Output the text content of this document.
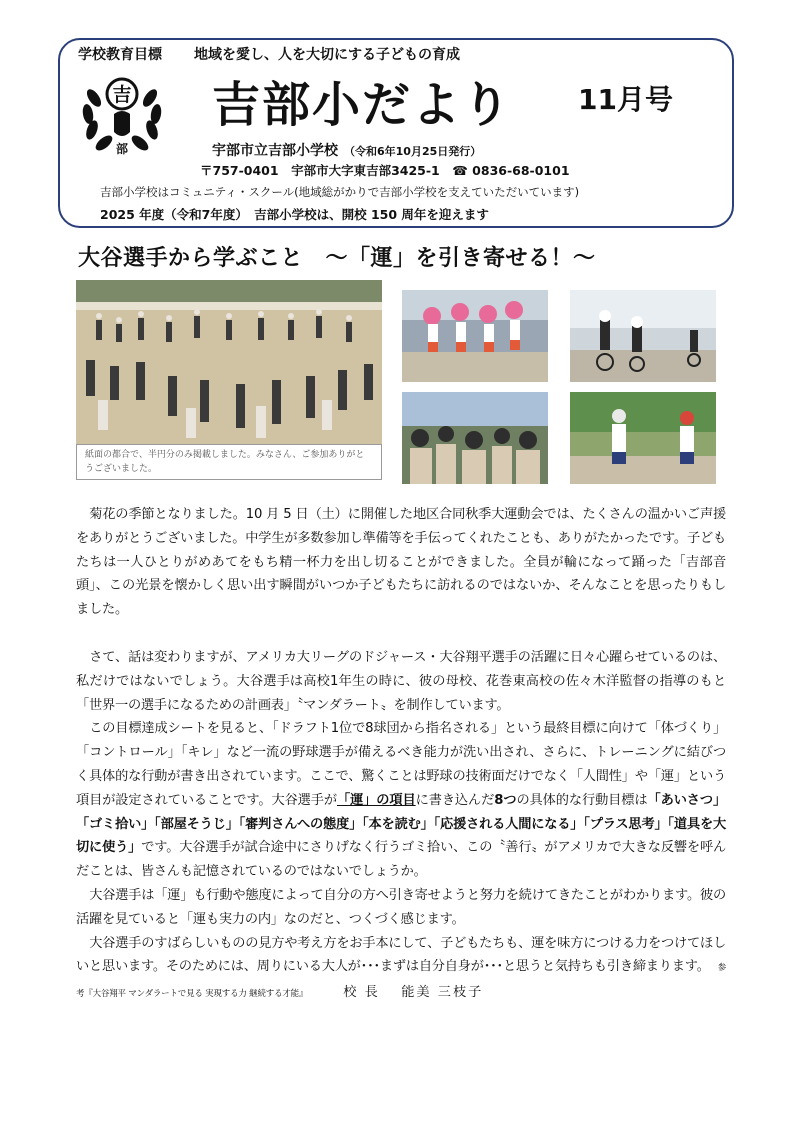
学校教育目標 地域を愛し、人を大切にする子どもの育成
吉
部
吉部小だより 11月号
宇部市立吉部小学校 （令和6年10月25日発行）
〒757-0401　宇部市大字東吉部3425-1　☎ 0836-68-0101
吉部小学校はコミュニティ・スクール(地域総がかりで吉部小学校を支えていただいています)
2025 年度（令和7年度）　吉部小学校は、開校 150 周年を迎えます
大谷選手から学ぶこと　～「運」を引き寄せる！～
紙面の都合で、半円分のみ掲載しました。みなさん、ご参加ありがとうございました。

菊花の季節となりました。10 月 5 日（土）に開催した地区合同秋季大運動会では、たくさんの温かいご声援をありがとうございました。中学生が多数参加し準備等を手伝ってくれたことも、ありがたかったです。子どもたちは一人ひとりがめあてをもち精一杯力を出し切ることができました。全員が輪になって踊った「吉部音頭」、この光景を懐かしく思い出す瞬間がいつか子どもたちに訪れるのではないか、そんなことを思ったりもしました。

さて、話は変わりますが、アメリカ大リーグのドジャース・大谷翔平選手の活躍に日々心躍らせているのは、私だけではないでしょう。大谷選手は高校1年生の時に、彼の母校、花巻東高校の佐々木洋監督の指導のもと「世界一の選手になるための計画表」〝マンダラート〟を制作しています。

この目標達成シートを見ると、「ドラフト1位で8球団から指名される」という最終目標に向けて「体づくり」「コントロール」「キレ」など一流の野球選手が備えるべき能力が洗い出され、さらに、トレーニングに結びつく具体的な行動が書き出されています。ここで、驚くことは野球の技術面だけでなく「人間性」や「運」という項目が設定されていることです。大谷選手が「運」の項目に書き込んだ8つの具体的な行動目標は「あいさつ」「ゴミ拾い」「部屋そうじ」「審判さんへの態度」「本を読む」「応援される人間になる」「プラス思考」「道具を大切に使う」です。大谷選手が試合途中にさりげなく行うゴミ拾い、この〝善行〟がアメリカで大きな反響を呼んだことは、皆さんも記憶されているのではないでしょうか。

大谷選手は「運」も行動や態度によって自分の方へ引き寄せようと努力を続けてきたことがわかります。彼の活躍を見ていると「運も実力の内」なのだと、つくづく感じます。

大谷選手のすばらしいものの見方や考え方をお手本にして、子どもたちも、運を味方につける力をつけてほしいと思います。そのためには、周りにいる大人が･･･まずは自分自身が･･･と思うと気持ちも引き締まります。 参考『大谷翔平 マンダラートで見る 実現する力 継続する才能』	校 長　 能美 三枝子
